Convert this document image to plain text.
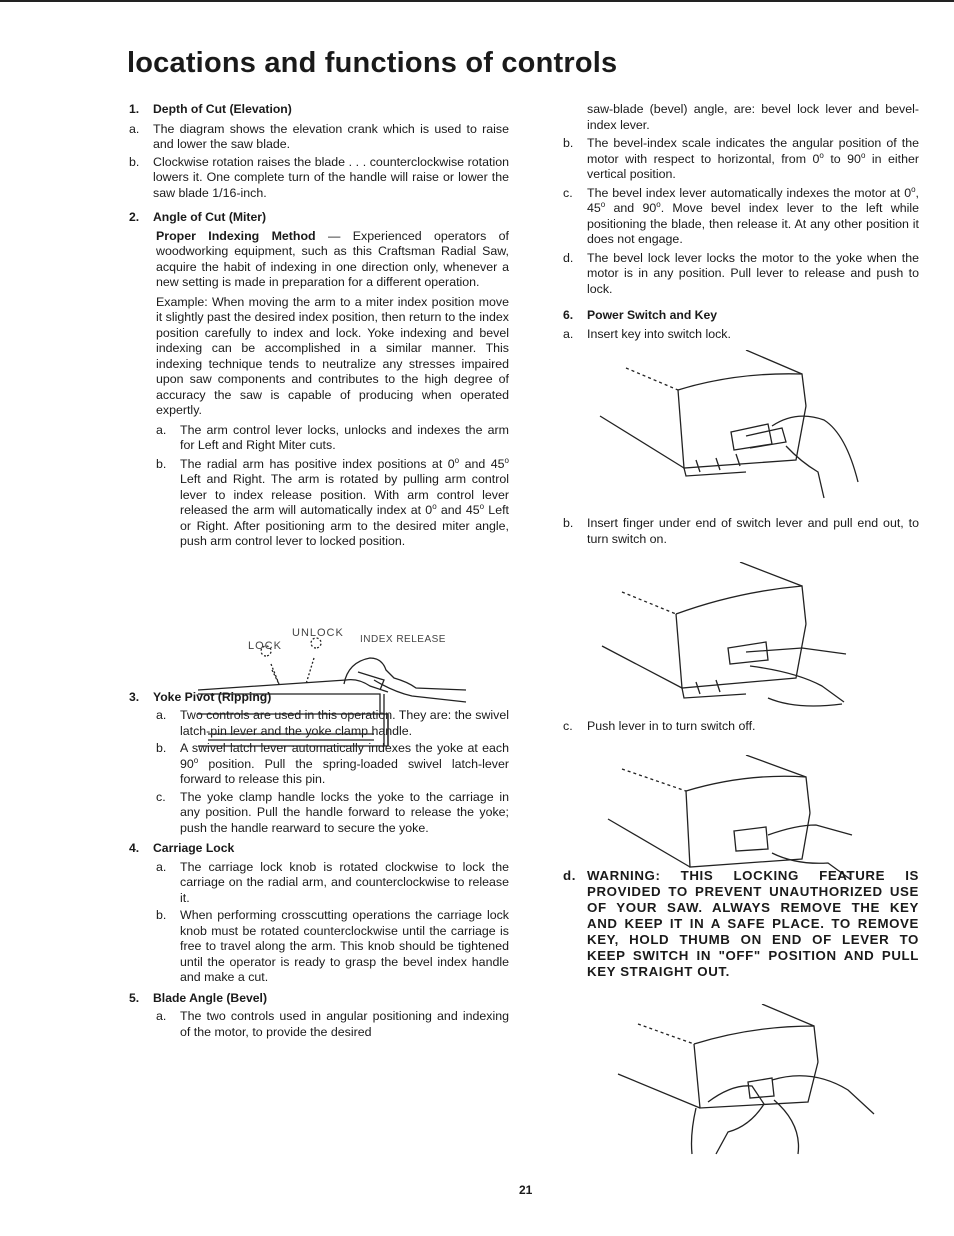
locations and functions of controls

1. Depth of Cut (Elevation)

a. The diagram shows the elevation crank which is used to raise and lower the saw blade.

b. Clockwise rotation raises the blade . . . counterclockwise rotation lowers it. One complete turn of the handle will raise or lower the saw blade 1/16-inch.

2. Angle of Cut (Miter)

Proper Indexing Method — Experienced operators of woodworking equipment, such as this Craftsman Radial Saw, acquire the habit of indexing in one direction only, whenever a new setting is made in preparation for a different operation.

Example: When moving the arm to a miter index position move it slightly past the desired index position, then return to the index position carefully to index and lock. Yoke indexing and bevel indexing can be accomplished in a similar manner. This indexing technique tends to neutralize any stresses impaired upon saw components and contributes to the high degree of accuracy the saw is capable of producing when operated expertly.

a. The arm control lever locks, unlocks and indexes the arm for Left and Right Miter cuts.

b. The radial arm has positive index positions at 0$^o$ and 45$^o$ Left and Right. The arm is rotated by pulling arm control lever to index release position. With arm control lever released the arm will automatically index at 0$^o$ and 45$^o$ Left or Right. After positioning arm to the desired miter angle, push arm control lever to locked position.

3. Yoke Pivot (Ripping)

a. Two controls are used in this operation. They are: the swivel latch-pin lever and the yoke clamp handle.

b. A swivel latch lever automatically indexes the yoke at each 90$^o$ position. Pull the spring-loaded swivel latch-lever forward to release this pin.

c. The yoke clamp handle locks the yoke to the carriage in any position. Pull the handle forward to release the yoke; push the handle rearward to secure the yoke.

4. Carriage Lock

a. The carriage lock knob is rotated clockwise to lock the carriage on the radial arm, and counterclockwise to release it.

b. When performing crosscutting operations the carriage lock knob must be rotated counterclockwise until the carriage is free to travel along the arm. This knob should be tightened until the operator is ready to grasp the bevel index handle and make a cut.

5. Blade Angle (Bevel)

a. The two controls used in angular positioning and indexing of the motor, to provide the desired

UNLOCK
LOCK
INDEX RELEASE

saw-blade (bevel) angle, are: bevel lock lever and bevel-index lever.

b. The bevel-index scale indicates the angular position of the motor with respect to horizontal, from 0$^o$ to 90$^o$ in either vertical position.

c. The bevel index lever automatically indexes the motor at 0$^o$, 45$^o$ and 90$^o$. Move bevel index lever to the left while positioning the blade, then release it. At any other position it does not engage.

d. The bevel lock lever locks the motor to the yoke when the motor is in any position. Pull lever to release and push to lock.

6. Power Switch and Key

a. Insert key into switch lock.

b. Insert finger under end of switch lever and pull end out, to turn switch on.

c. Push lever in to turn switch off.

d. WARNING: THIS LOCKING FEATURE IS PROVIDED TO PREVENT UNAUTHORIZED USE OF YOUR SAW. ALWAYS REMOVE THE KEY AND KEEP IT IN A SAFE PLACE. TO REMOVE KEY, HOLD THUMB ON END OF LEVER TO KEEP SWITCH IN "OFF" POSITION AND PULL KEY STRAIGHT OUT.

21
